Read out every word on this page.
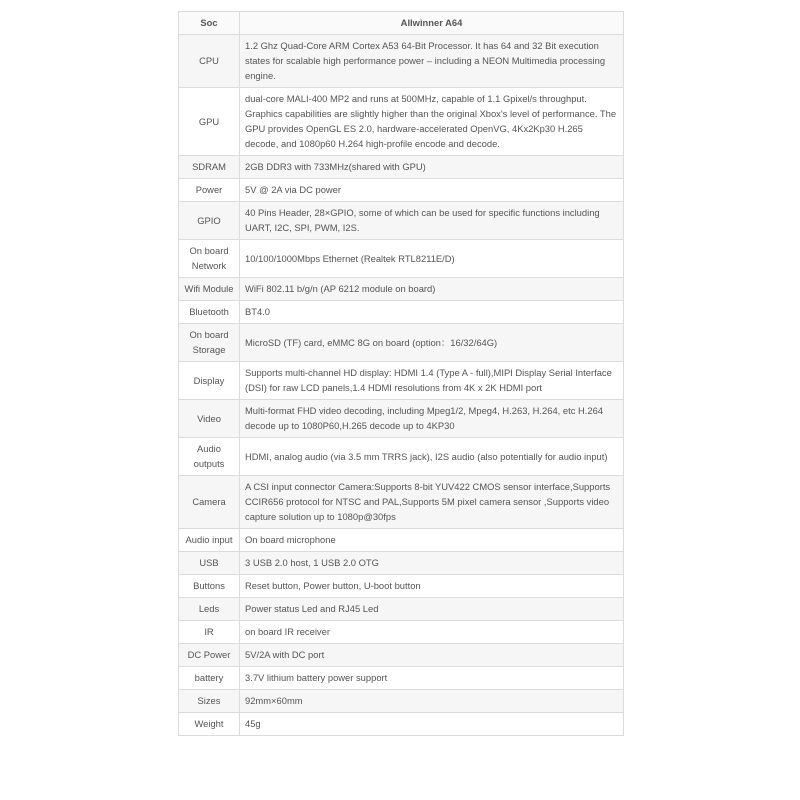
Soc	Allwinner A64
CPU	1.2 Ghz Quad-Core ARM Cortex A53 64-Bit Processor. It has 64 and 32 Bit execution states for scalable high performance power – including a NEON Multimedia processing engine.
GPU	dual-core MALI-400 MP2 and runs at 500MHz, capable of 1.1 Gpixel/s throughput. Graphics capabilities are slightly higher than the original Xbox's level of performance. The GPU provides OpenGL ES 2.0, hardware-accelerated OpenVG, 4Kx2Kp30 H.265 decode, and 1080p60 H.264 high-profile encode and decode.
SDRAM	2GB DDR3 with 733MHz(shared with GPU)
Power	5V @ 2A via DC power
GPIO	40 Pins Header, 28×GPIO, some of which can be used for specific functions including UART, I2C, SPI, PWM, I2S.
On board Network	10/100/1000Mbps Ethernet (Realtek RTL8211E/D)
Wifi Module	WiFi 802.11 b/g/n (AP 6212 module on board)
Bluetooth	BT4.0
On board Storage	MicroSD (TF) card, eMMC 8G on board (option：16/32/64G)
Display	Supports multi-channel HD display: HDMI 1.4 (Type A - full),MIPI Display Serial Interface (DSI) for raw LCD panels,1.4 HDMI resolutions from 4K x 2K HDMI port
Video	Multi-format FHD video decoding, including Mpeg1/2, Mpeg4, H.263, H.264, etc H.264 decode up to 1080P60,H.265 decode up to 4KP30
Audio outputs	HDMI, analog audio (via 3.5 mm TRRS jack), I2S audio (also potentially for audio input)
Camera	A CSI input connector Camera:Supports 8-bit YUV422 CMOS sensor interface,Supports CCIR656 protocol for NTSC and PAL,Supports 5M pixel camera sensor ,Supports video capture solution up to 1080p@30fps
Audio input	On board microphone
USB	3 USB 2.0 host, 1 USB 2.0 OTG
Buttons	Reset button, Power button, U-boot button
Leds	Power status Led and RJ45 Led
IR	on board IR receiver
DC Power	5V/2A with DC port
battery	3.7V lithium battery power support
Sizes	92mm×60mm
Weight	45g
